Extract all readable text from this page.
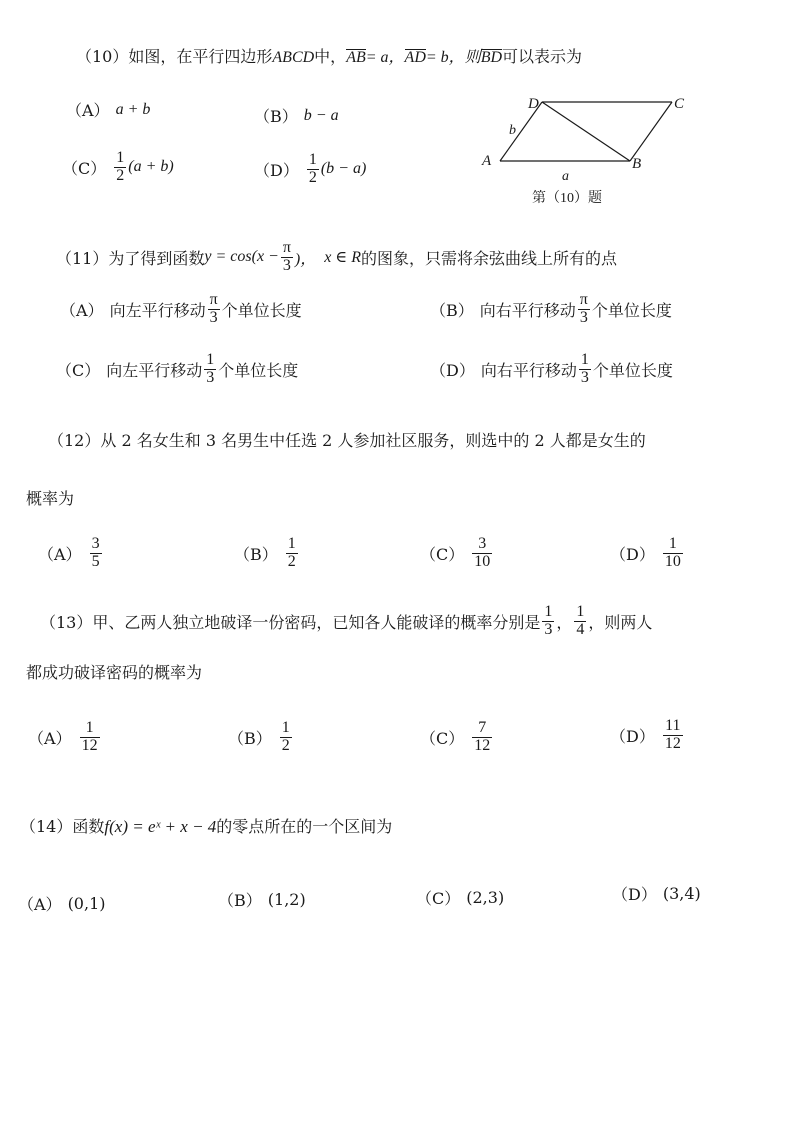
（10）如图，在平行四边形ABCD中，AB= a，AD= b，则BD可以表示为
（A） a + b	（B） b − a
$(C) \frac{1}{2} (a + b)$	$(D) \frac{1}{2} (b - a)$	A	B
C
D
a
b
第（10）题
（11） 为了得到函数 $y = \cos(x - \frac{\pi}{3}$ )， x ∈ R 的图象，只需将余弦曲线上所有的点
（A） 向左平行移动 $\frac{\pi}{3}$ 个单位长度	（B） 向右平行移动 $\frac{\pi}{3}$ 个单位长度
（C） 向左平行移动 $\frac{1}{3}$ 个单位长度	（D） 向右平行移动 $\frac{1}{3}$ 个单位长度
（12）从 2 名女生和 3 名男生中任选 2 人参加社区服务，则选中的 2 人都是女生的
概率为
$(A) \frac{3}{5}$	$(B) \frac{1}{2}$	$(C) \frac{3}{10}$	$(D) \frac{1}{10}$
（13） 甲、乙两人独立地破译一份密码，已知各人能破译的概率分别是 $\frac{1}{3}$ ， $\frac{1}{4}$ ，则两人
都成功破译密码的概率为
$(A) \frac{1}{12}$	$(B) \frac{1}{2}$	$(C) \frac{7}{12}$	$(D) \frac{11}{12}$
（14）函数f(x) = eˣ + x − 4的零点所在的一个区间为
（A） (0,1)	（B） (1,2)	（C） (2,3)	（D） (3,4)
